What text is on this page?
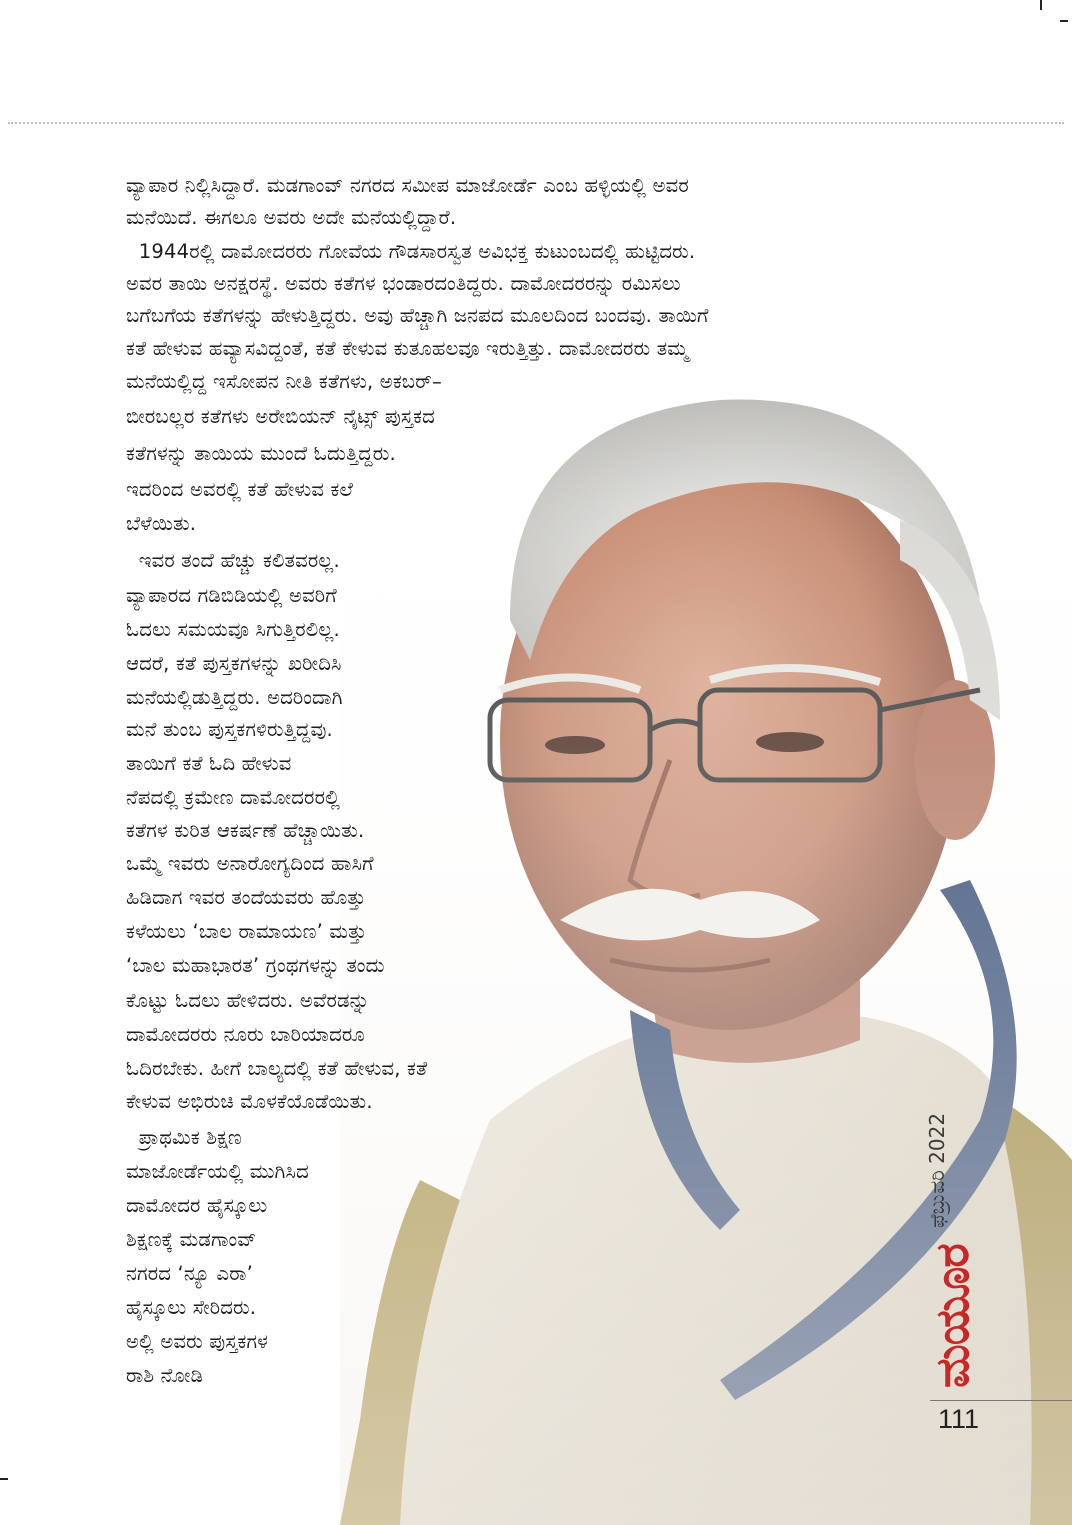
ವ್ಯಾಪಾರ ನಿಲ್ಲಿಸಿದ್ದಾರೆ. ಮಡಗಾಂವ್ ನಗರದ ಸಮೀಪ ಮಾಜೋರ್ಡೆ ಎಂಬ ಹಳ್ಳಿಯಲ್ಲಿ ಅವರ
ಮನೆಯಿದೆ. ಈಗಲೂ ಅವರು ಅದೇ ಮನೆಯಲ್ಲಿದ್ದಾರೆ.
1944ರಲ್ಲಿ ದಾಮೋದರರು ಗೋವೆಯ ಗೌಡಸಾರಸ್ವತ ಅವಿಭಕ್ತ ಕುಟುಂಬದಲ್ಲಿ ಹುಟ್ಟಿದರು.
ಅವರ ತಾಯಿ ಅನಕ್ಷರಸ್ಥೆ. ಅವರು ಕತೆಗಳ ಭಂಡಾರದಂತಿದ್ದರು. ದಾಮೋದರರನ್ನು ರಮಿಸಲು
ಬಗೆಬಗೆಯ ಕತೆಗಳನ್ನು ಹೇಳುತ್ತಿದ್ದರು. ಅವು ಹೆಚ್ಚಾಗಿ ಜನಪದ ಮೂಲದಿಂದ ಬಂದವು. ತಾಯಿಗೆ
ಕತೆ ಹೇಳುವ ಹವ್ಯಾಸವಿದ್ದಂತೆ, ಕತೆ ಕೇಳುವ ಕುತೂಹಲವೂ ಇರುತ್ತಿತ್ತು. ದಾಮೋದರರು ತಮ್ಮ
ಮನೆಯಲ್ಲಿದ್ದ ಇಸೋಪನ ನೀತಿ ಕತೆಗಳು, ಅಕಬರ್–
ಬೀರಬಲ್ಲರ ಕತೆಗಳು ಅರೇಬಿಯನ್ ನೈಟ್ಸ್ ಪುಸ್ತಕದ
ಕತೆಗಳನ್ನು ತಾಯಿಯ ಮುಂದೆ ಓದುತ್ತಿದ್ದರು.
ಇದರಿಂದ ಅವರಲ್ಲಿ ಕತೆ ಹೇಳುವ ಕಲೆ
ಬೆಳೆಯಿತು.
ಇವರ ತಂದೆ ಹೆಚ್ಚು ಕಲಿತವರಲ್ಲ.
ವ್ಯಾಪಾರದ ಗಡಿಬಿಡಿಯಲ್ಲಿ ಅವರಿಗೆ
ಓದಲು ಸಮಯವೂ ಸಿಗುತ್ತಿರಲಿಲ್ಲ.
ಆದರೆ, ಕತೆ ಪುಸ್ತಕಗಳನ್ನು ಖರೀದಿಸಿ
ಮನೆಯಲ್ಲಿಡುತ್ತಿದ್ದರು. ಅದರಿಂದಾಗಿ
ಮನೆ ತುಂಬ ಪುಸ್ತಕಗಳಿರುತ್ತಿದ್ದವು.
ತಾಯಿಗೆ ಕತೆ ಓದಿ ಹೇಳುವ
ನೆಪದಲ್ಲಿ ಕ್ರಮೇಣ ದಾಮೋದರರಲ್ಲಿ
ಕತೆಗಳ ಕುರಿತ ಆಕರ್ಷಣೆ ಹೆಚ್ಚಾಯಿತು.
ಒಮ್ಮೆ ಇವರು ಅನಾರೋಗ್ಯದಿಂದ ಹಾಸಿಗೆ
ಹಿಡಿದಾಗ ಇವರ ತಂದೆಯವರು ಹೊತ್ತು
ಕಳೆಯಲು ‘ಬಾಲ ರಾಮಾಯಣ’ ಮತ್ತು
‘ಬಾಲ ಮಹಾಭಾರತ’ ಗ್ರಂಥಗಳನ್ನು ತಂದು
ಕೊಟ್ಟು ಓದಲು ಹೇಳಿದರು. ಅವೆರಡನ್ನು
ದಾಮೋದರರು ನೂರು ಬಾರಿಯಾದರೂ
ಓದಿರಬೇಕು. ಹೀಗೆ ಬಾಲ್ಯದಲ್ಲಿ ಕತೆ ಹೇಳುವ, ಕತೆ
ಕೇಳುವ ಅಭಿರುಚಿ ಮೊಳಕೆಯೊಡೆಯಿತು.
ಪ್ರಾಥಮಿಕ ಶಿಕ್ಷಣ
ಮಾಜೋರ್ಡೆಯಲ್ಲಿ ಮುಗಿಸಿದ
ದಾಮೋದರ ಹೈಸ್ಕೂಲು
ಶಿಕ್ಷಣಕ್ಕೆ ಮಡಗಾಂವ್
ನಗರದ ‘ನ್ಯೂ ಎರಾ’
ಹೈಸ್ಕೂಲು ಸೇರಿದರು.
ಅಲ್ಲಿ ಅವರು ಪುಸ್ತಕಗಳ
ರಾಶಿ ನೋಡಿ
ಫೆಬ್ರುವರಿ 2022
ಮಯೂರ
111
